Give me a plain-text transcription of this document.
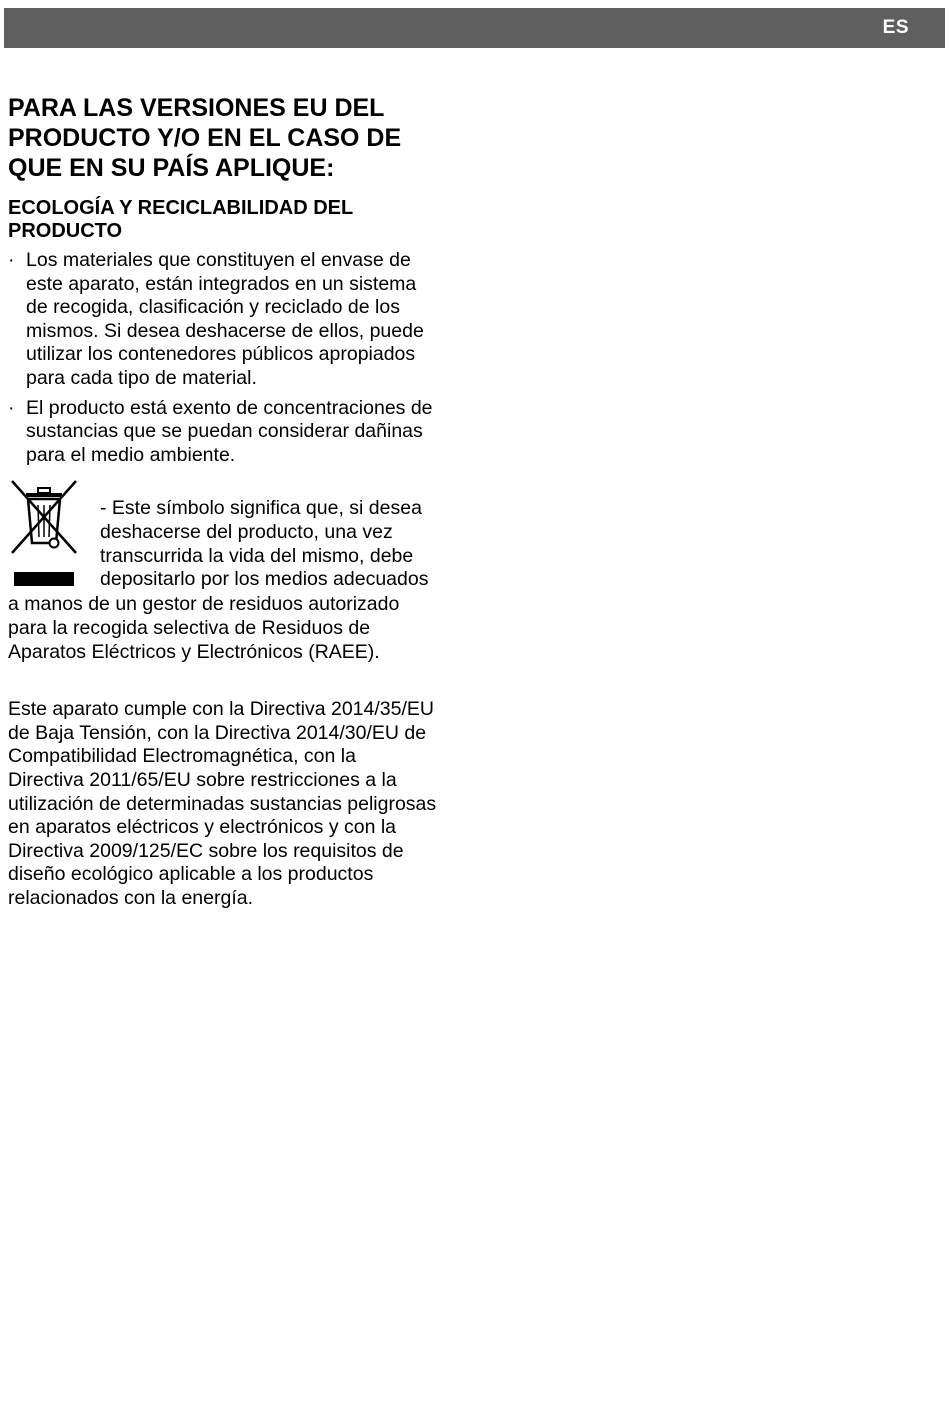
ES
PARA LAS VERSIONES EU DEL
PRODUCTO Y/O EN EL CASO DE
QUE EN SU PAÍS APLIQUE:
ECOLOGÍA Y RECICLABILIDAD DEL
PRODUCTO
· Los materiales que constituyen el envase de
este aparato, están integrados en un sistema
de recogida, clasificación y reciclado de los
mismos. Si desea deshacerse de ellos, puede
utilizar los contenedores públicos apropiados
para cada tipo de material.
· El producto está exento de concentraciones de
sustancias que se puedan considerar dañinas
para el medio ambiente.
- Este símbolo significa que, si desea
deshacerse del producto, una vez
transcurrida la vida del mismo, debe
depositarlo por los medios adecuados
a manos de un gestor de residuos autorizado
para la recogida selectiva de Residuos de
Aparatos Eléctricos y Electrónicos (RAEE).
Este aparato cumple con la Directiva 2014/35/EU
de Baja Tensión, con la Directiva 2014/30/EU de
Compatibilidad Electromagnética, con la
Directiva 2011/65/EU sobre restricciones a la
utilización de determinadas sustancias peligrosas
en aparatos eléctricos y electrónicos y con la
Directiva 2009/125/EC sobre los requisitos de
diseño ecológico aplicable a los productos
relacionados con la energía.
